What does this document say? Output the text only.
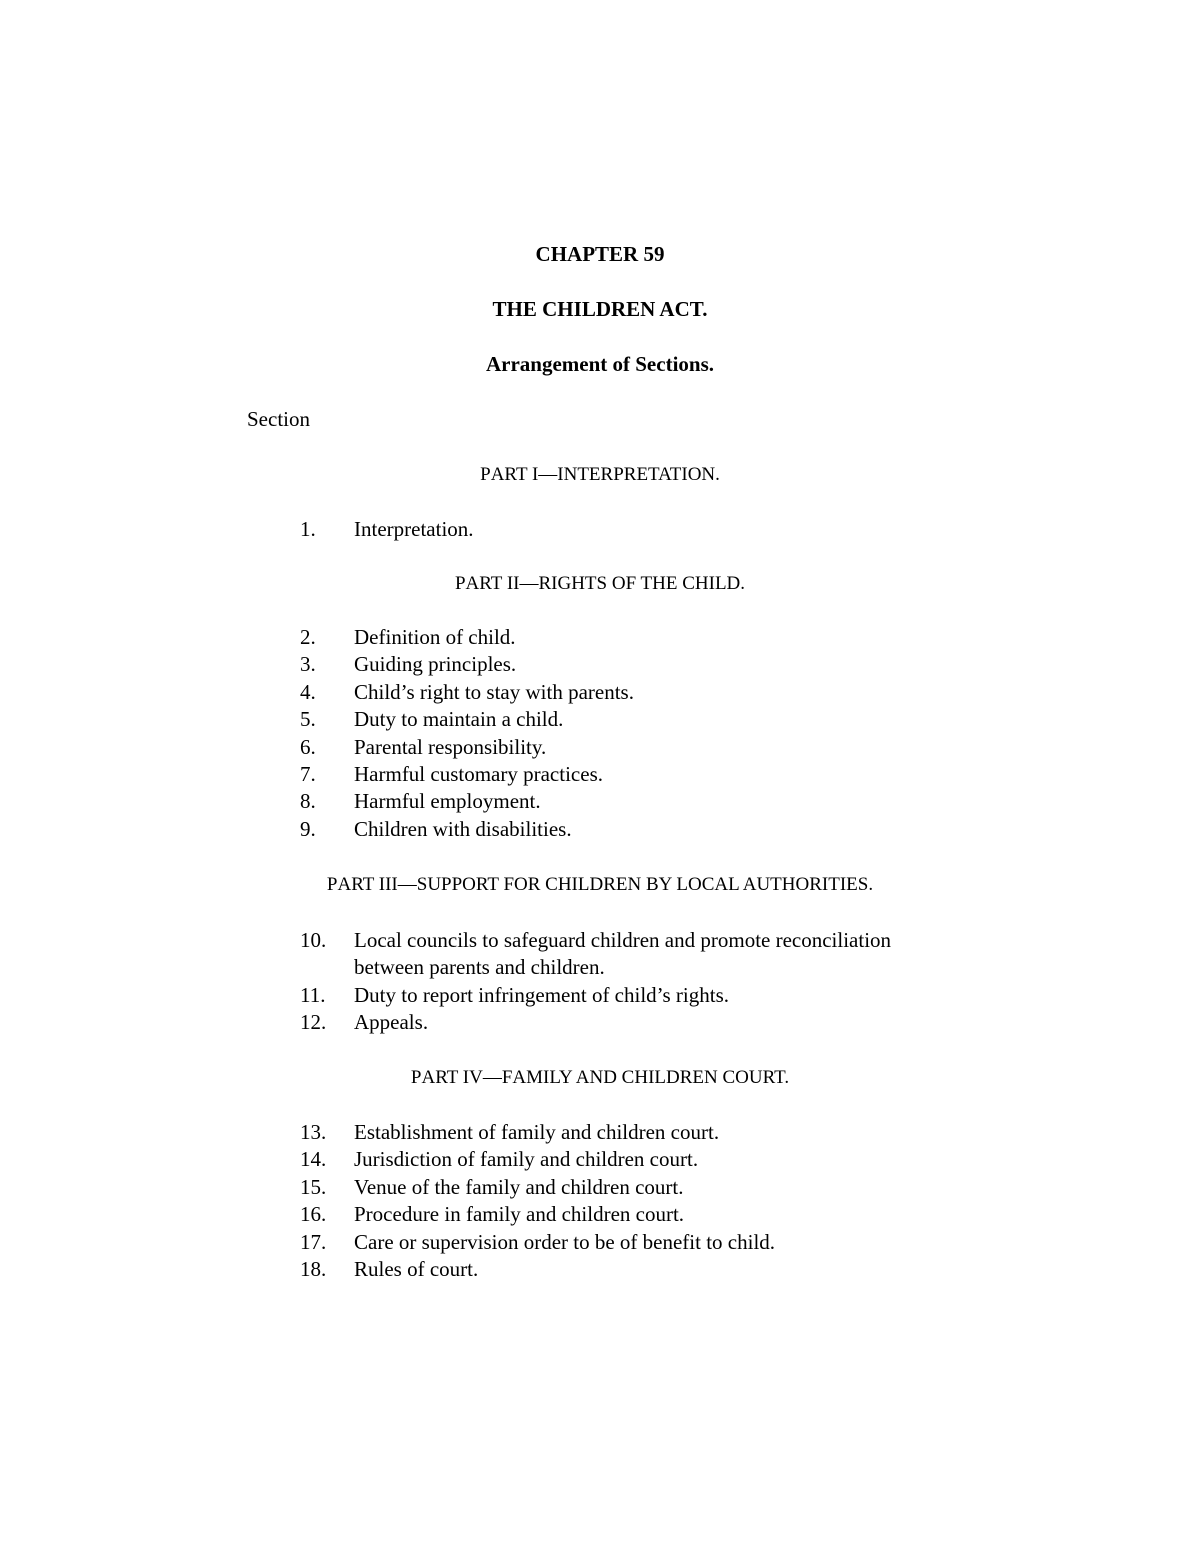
CHAPTER 59
THE CHILDREN ACT.
Arrangement of Sections.
Section
PART I—INTERPRETATION.
1.	Interpretation.
PART II—RIGHTS OF THE CHILD.
2.	Definition of child.
3.	Guiding principles.
4.	Child’s right to stay with parents.
5.	Duty to maintain a child.
6.	Parental responsibility.
7.	Harmful customary practices.
8.	Harmful employment.
9.	Children with disabilities.
PART III—SUPPORT FOR CHILDREN BY LOCAL AUTHORITIES.
10.	Local councils to safeguard children and promote reconciliation between parents and children.
11.	Duty to report infringement of child’s rights.
12.	Appeals.
PART IV—FAMILY AND CHILDREN COURT.
13.	Establishment of family and children court.
14.	Jurisdiction of family and children court.
15.	Venue of the family and children court.
16.	Procedure in family and children court.
17.	Care or supervision order to be of benefit to child.
18.	Rules of court.
